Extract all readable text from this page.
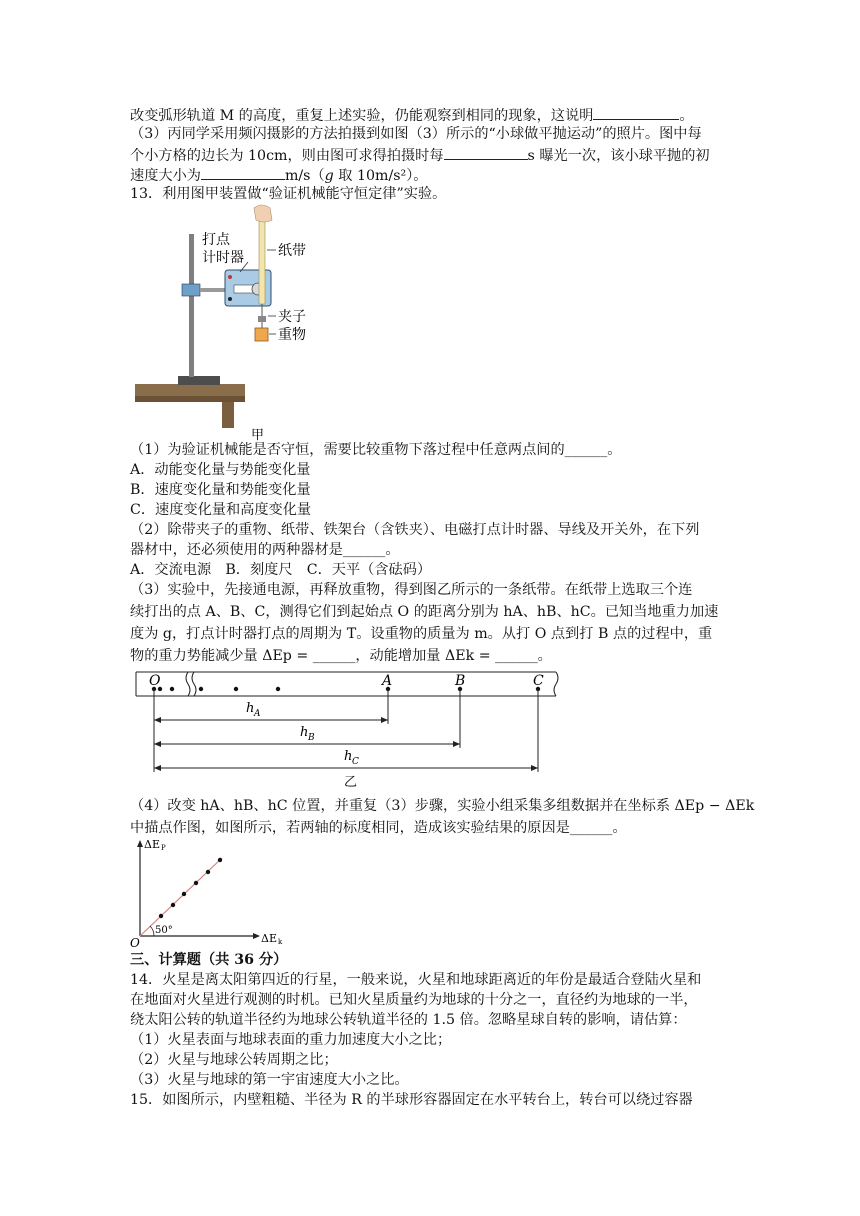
改变弧形轨道 M 的高度，重复上述实验，仍能观察到相同的现象，这说明	。
（3）丙同学采用频闪摄影的方法拍摄到如图（3）所示的“小球做平抛运动”的照片。图中每
个小方格的边长为 10cm，则由图可求得拍摄时每	s 曝光一次，该小球平抛的初
速度大小为	m/s（g 取 10m/s²）。
13．利用图甲装置做“验证机械能守恒定律”实验。
打点
计时器 纸带
夹子
重物
甲
（1）为验证机械能是否守恒，需要比较重物下落过程中任意两点间的______。
A．动能变化量与势能变化量
B．速度变化量和势能变化量
C．速度变化量和高度变化量
（2）除带夹子的重物、纸带、铁架台（含铁夹）、电磁打点计时器、导线及开关外，在下列
器材中，还必须使用的两种器材是______。
A．交流电源　B．刻度尺　C．天平（含砝码）
（3）实验中，先接通电源，再释放重物，得到图乙所示的一条纸带。在纸带上选取三个连
续打出的点 A、B、C，测得它们到起始点 O 的距离分别为 hA、hB、hC。已知当地重力加速
度为 g，打点计时器打点的周期为 T。设重物的质量为 m。从打 O 点到打 B 点的过程中，重
物的重力势能减少量 ΔEp = ______，动能增加量 ΔEk = ______。
O	A	B	C
h A
h B
h C
乙
（4）改变 hA、hB、hC 位置，并重复（3）步骤，实验小组采集多组数据并在坐标系 ΔEp − ΔEk
中描点作图，如图所示，若两轴的标度相同，造成该实验结果的原因是______。
50°
ΔE P
ΔE k
O
三、计算题（共 36 分）
14．火星是离太阳第四近的行星，一般来说，火星和地球距离近的年份是最适合登陆火星和
在地面对火星进行观测的时机。已知火星质量约为地球的十分之一，直径约为地球的一半，
绕太阳公转的轨道半径约为地球公转轨道半径的 1.5 倍。忽略星球自转的影响，请估算：
（1）火星表面与地球表面的重力加速度大小之比；
（2）火星与地球公转周期之比；
（3）火星与地球的第一宇宙速度大小之比。
15．如图所示，内壁粗糙、半径为 R 的半球形容器固定在水平转台上，转台可以绕过容器
